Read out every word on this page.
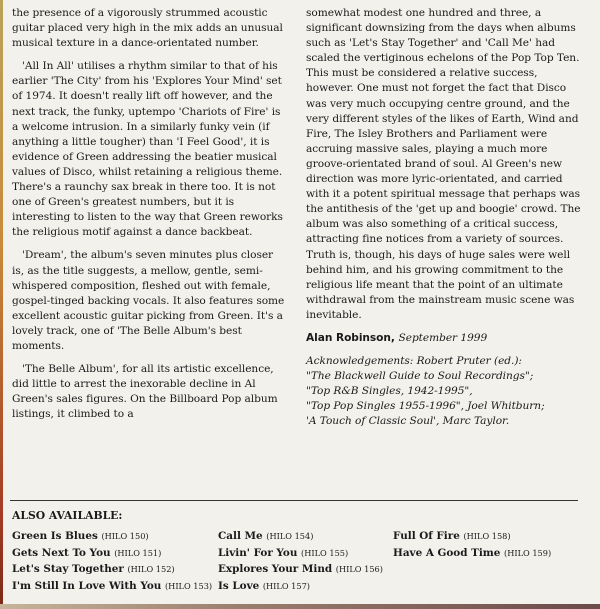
the presence of a vigorously strummed acoustic guitar placed very high in the mix adds an unusual musical texture in a dance-orientated number.

'All In All' utilises a rhythm similar to that of his earlier 'The City' from his 'Explores Your Mind' set of 1974. It doesn't really lift off however, and the next track, the funky, uptempo 'Chariots of Fire' is a welcome intrusion. In a similarly funky vein (if anything a little tougher) than 'I Feel Good', it is evidence of Green addressing the beatier musical values of Disco, whilst retaining a religious theme. There's a raunchy sax break in there too. It is not one of Green's greatest numbers, but it is interesting to listen to the way that Green reworks the religious motif against a dance backbeat.

'Dream', the album's seven minutes plus closer is, as the title suggests, a mellow, gentle, semi-whispered composition, fleshed out with female, gospel-tinged backing vocals. It also features some excellent acoustic guitar picking from Green. It's a lovely track, one of 'The Belle Album's best moments.

'The Belle Album', for all its artistic excellence, did little to arrest the inexorable decline in Al Green's sales figures. On the Billboard Pop album listings, it climbed to a

somewhat modest one hundred and three, a significant downsizing from the days when albums such as 'Let's Stay Together' and 'Call Me' had scaled the vertiginous echelons of the Pop Top Ten. This must be considered a relative success, however. One must not forget the fact that Disco was very much occupying centre ground, and the very different styles of the likes of Earth, Wind and Fire, The Isley Brothers and Parliament were accruing massive sales, playing a much more groove-orientated brand of soul. Al Green's new direction was more lyric-orientated, and carried with it a potent spiritual message that perhaps was the antithesis of the 'get up and boogie' crowd. The album was also something of a critical success, attracting fine notices from a variety of sources. Truth is, though, his days of huge sales were well behind him, and his growing commitment to the religious life meant that the point of an ultimate withdrawal from the mainstream music scene was inevitable.

Alan Robinson, September 1999
Acknowledgements: Robert Pruter (ed.):
"The Blackwell Guide to Soul Recordings";
"Top R&B Singles, 1942-1995",
"Top Pop Singles 1955-1996", Joel Whitburn;
'A Touch of Classic Soul', Marc Taylor.
ALSO AVAILABLE:
Green Is Blues (HILO 150)
Gets Next To You (HILO 151)
Let's Stay Together (HILO 152)
I'm Still In Love With You (HILO 153)
Call Me (HILO 154)
Livin' For You (HILO 155)
Explores Your Mind (HILO 156)
Is Love (HILO 157)
Full Of Fire (HILO 158)
Have A Good Time (HILO 159)
